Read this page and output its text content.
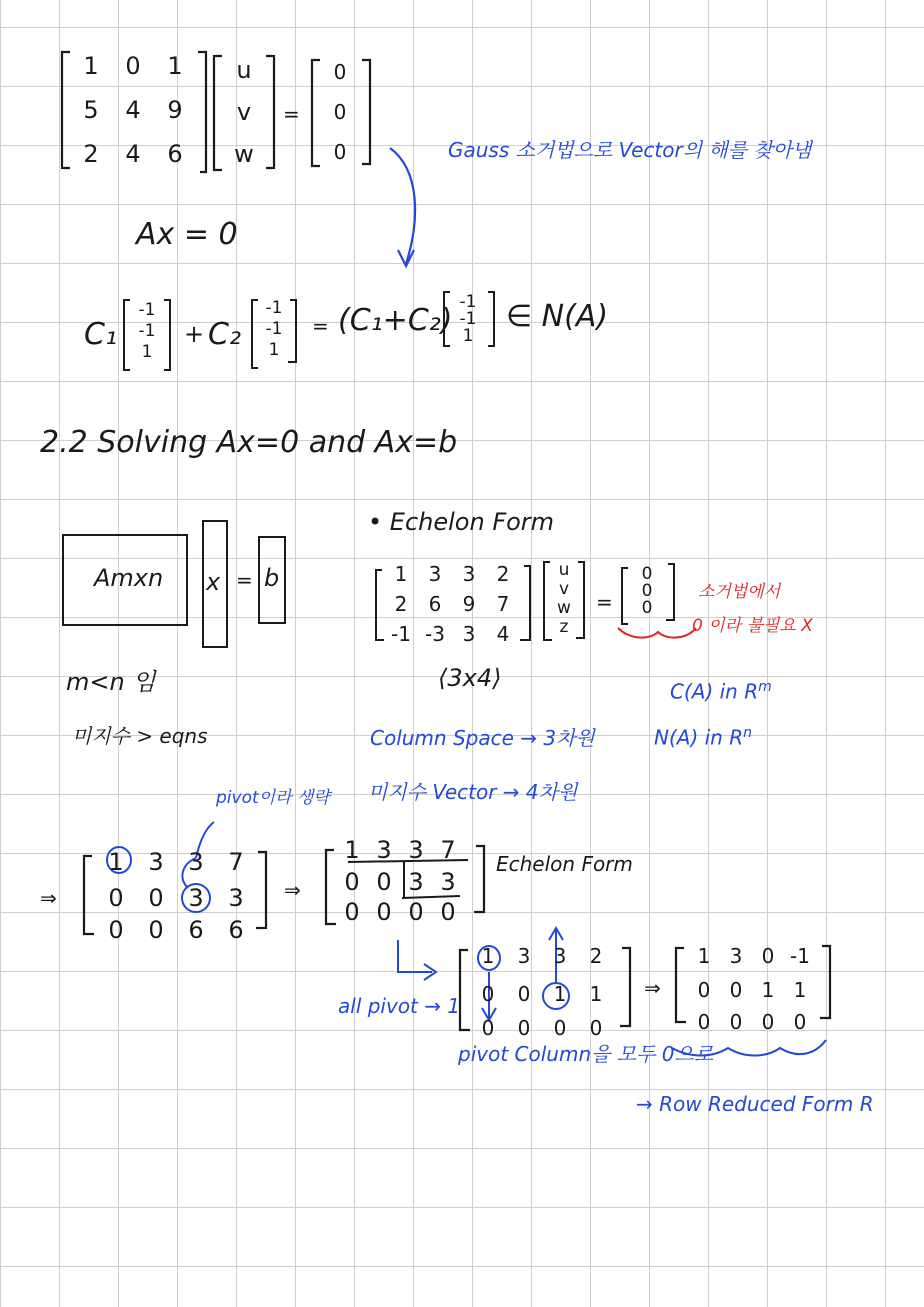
1	0	1
5	4	9
2	4	6
u
v
w
=
0
0
0	Gauss 소거법으로 Vector의 해를 찾아냄
Ax = 0
C₁
-1
-1
1
+ C₂
-1
-1
1
= (C₁+C₂)
-1
-1
1
∈ N(A)
2.2 Solving Ax=0 and Ax=b
Amxn x = b
m<n 임
미지수 > eqns
• Echelon Form
1	3	3	2
2	6	9	7
-1 -3 3	4
u
v
w
z
=
0
0
0
소거법에서
0 이라 불필요 X
⟨3x4⟩
Column Space → 3차원
미지수 Vector → 4차원
C(A) in $R^m$
N(A) in $R^n$
pivot이라 생략
⇒
1	3	3	7
0	0	3	3
0	0	6	6
⇒
1 3 3 7
0 0 3 3
0 0 0 0
Echelon Form
all pivot → 1
1	3	3	2
0	0	1	1
0	0	0	0
⇒
1 3 0 -1
0 0 1 1
0 0 0 0
pivot Column을 모두 0으로
→ Row Reduced Form R
